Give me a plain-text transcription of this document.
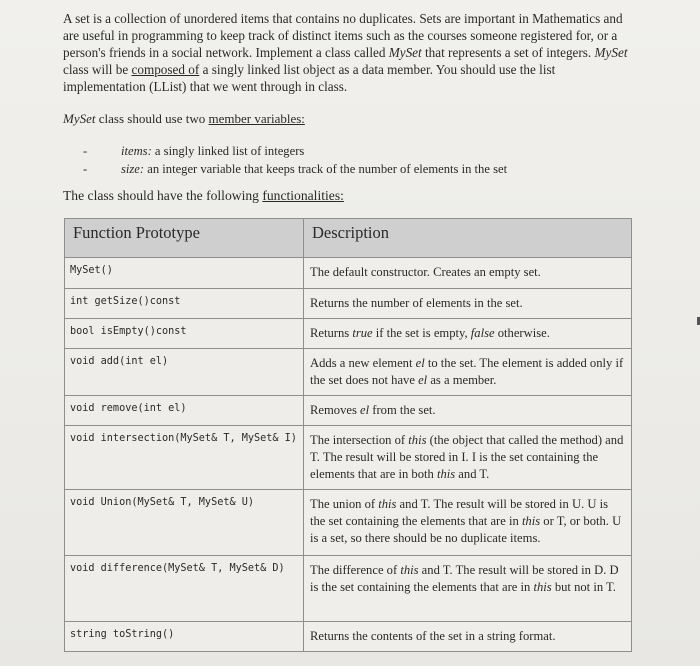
A set is a collection of unordered items that contains no duplicates. Sets are important in Mathematics and are useful in programming to keep track of distinct items such as the courses someone registered for, or a person's friends in a social network. Implement a class called MySet that represents a set of integers. MySet class will be composed of a singly linked list object as a data member. You should use the list implementation (LList) that we went through in class.

MySet class should use two member variables:

- items: a singly linked list of integers
- size: an integer variable that keeps track of the number of elements in the set

The class should have the following functionalities:

Function Prototype	Description
MySet()	The default constructor. Creates an empty set.
int getSize()const	Returns the number of elements in the set.
bool isEmpty()const	Returns true if the set is empty, false otherwise.
void add(int el)	Adds a new element el to the set. The element is added only if the set does not have el as a member.
void remove(int el)	Removes el from the set.
void intersection(MySet& T, MySet& I)	The intersection of this (the object that called the method) and T. The result will be stored in I. I is the set containing the elements that are in both this and T.
void Union(MySet& T, MySet& U)	The union of this and T. The result will be stored in U. U is the set containing the elements that are in this or T, or both. U is a set, so there should be no duplicate items.
void difference(MySet& T, MySet& D)	The difference of this and T. The result will be stored in D. D is the set containing the elements that are in this but not in T.
string toString()	Returns the contents of the set in a string format.
